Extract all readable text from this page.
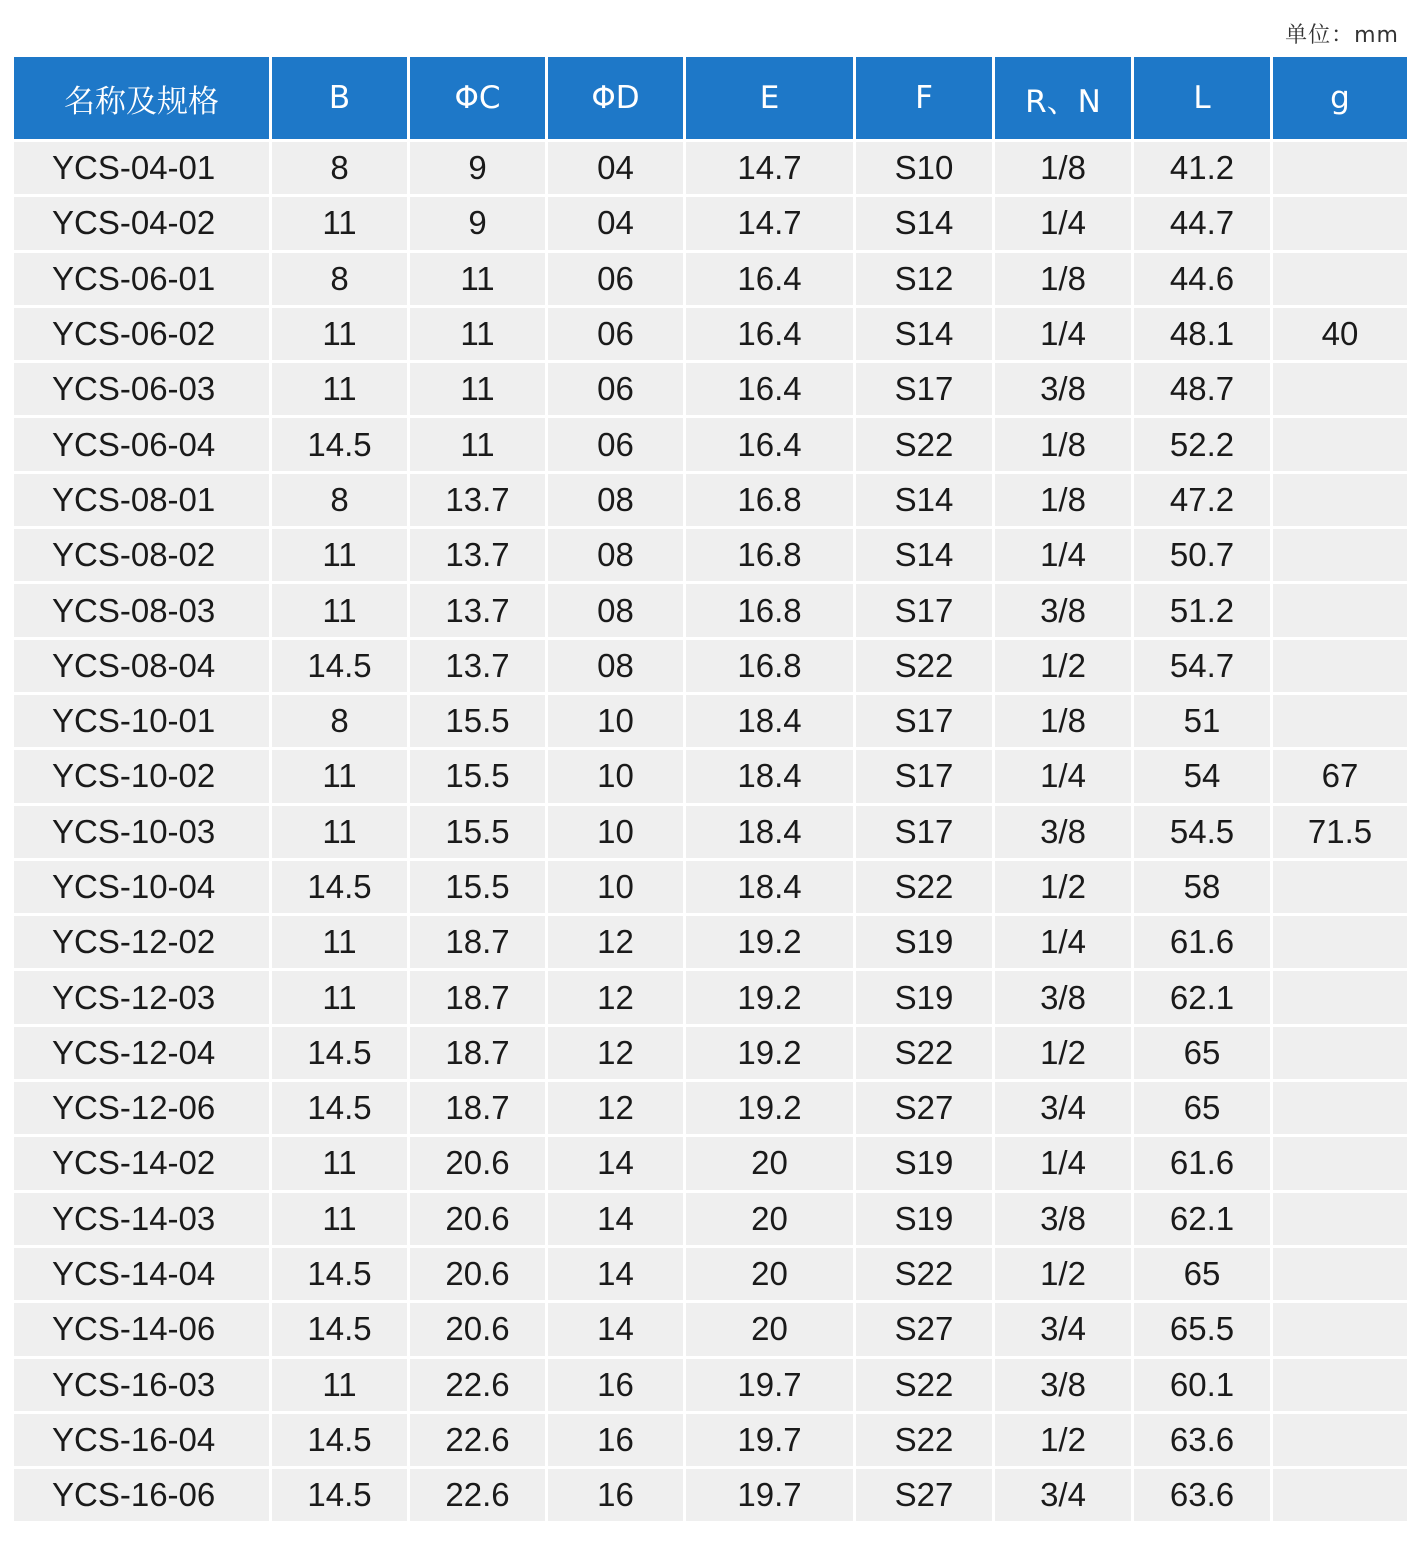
单位：mm
名称及规格	B	ΦC	ΦD	E	F	R、N	L	g
YCS-04-01	8	9	04	14.7	S10	1/8	41.2	
YCS-04-02	11	9	04	14.7	S14	1/4	44.7	
YCS-06-01	8	11	06	16.4	S12	1/8	44.6	
YCS-06-02	11	11	06	16.4	S14	1/4	48.1	40
YCS-06-03	11	11	06	16.4	S17	3/8	48.7	
YCS-06-04	14.5	11	06	16.4	S22	1/8	52.2	
YCS-08-01	8	13.7	08	16.8	S14	1/8	47.2	
YCS-08-02	11	13.7	08	16.8	S14	1/4	50.7	
YCS-08-03	11	13.7	08	16.8	S17	3/8	51.2	
YCS-08-04	14.5	13.7	08	16.8	S22	1/2	54.7	
YCS-10-01	8	15.5	10	18.4	S17	1/8	51	
YCS-10-02	11	15.5	10	18.4	S17	1/4	54	67
YCS-10-03	11	15.5	10	18.4	S17	3/8	54.5	71.5
YCS-10-04	14.5	15.5	10	18.4	S22	1/2	58	
YCS-12-02	11	18.7	12	19.2	S19	1/4	61.6	
YCS-12-03	11	18.7	12	19.2	S19	3/8	62.1	
YCS-12-04	14.5	18.7	12	19.2	S22	1/2	65	
YCS-12-06	14.5	18.7	12	19.2	S27	3/4	65	
YCS-14-02	11	20.6	14	20	S19	1/4	61.6	
YCS-14-03	11	20.6	14	20	S19	3/8	62.1	
YCS-14-04	14.5	20.6	14	20	S22	1/2	65	
YCS-14-06	14.5	20.6	14	20	S27	3/4	65.5	
YCS-16-03	11	22.6	16	19.7	S22	3/8	60.1	
YCS-16-04	14.5	22.6	16	19.7	S22	1/2	63.6	
YCS-16-06	14.5	22.6	16	19.7	S27	3/4	63.6	
